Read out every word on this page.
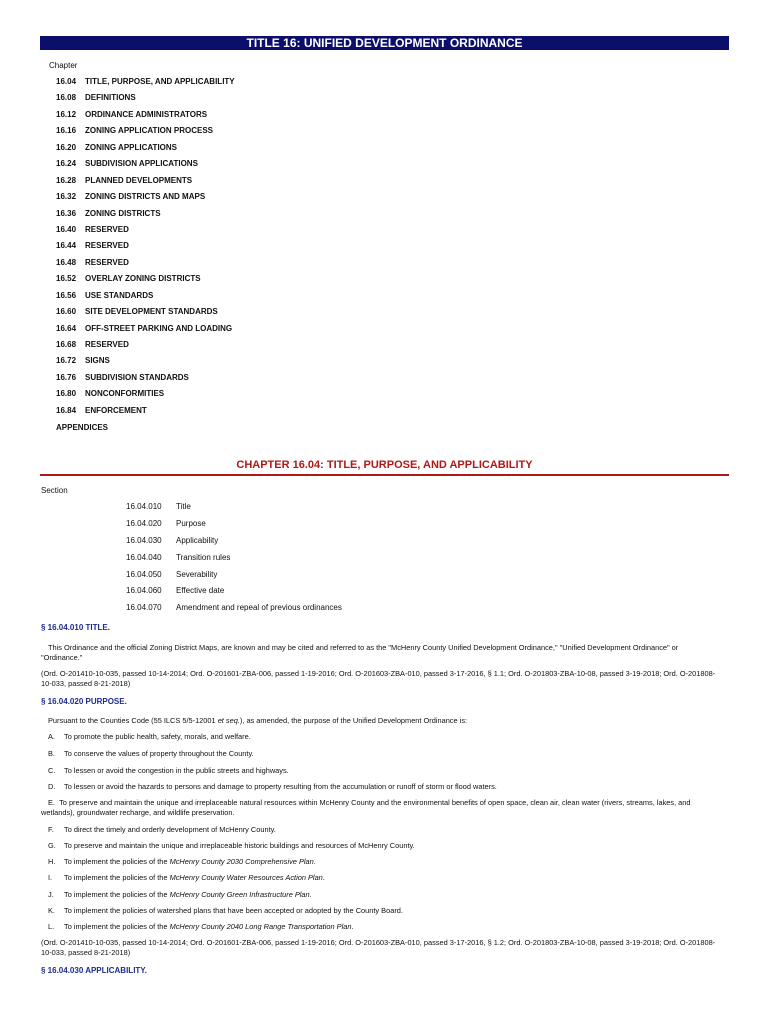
TITLE 16: UNIFIED DEVELOPMENT ORDINANCE
Chapter
16.04 TITLE, PURPOSE, AND APPLICABILITY
16.08 DEFINITIONS
16.12 ORDINANCE ADMINISTRATORS
16.16 ZONING APPLICATION PROCESS
16.20 ZONING APPLICATIONS
16.24 SUBDIVISION APPLICATIONS
16.28 PLANNED DEVELOPMENTS
16.32 ZONING DISTRICTS AND MAPS
16.36 ZONING DISTRICTS
16.40 RESERVED
16.44 RESERVED
16.48 RESERVED
16.52 OVERLAY ZONING DISTRICTS
16.56 USE STANDARDS
16.60 SITE DEVELOPMENT STANDARDS
16.64 OFF-STREET PARKING AND LOADING
16.68 RESERVED
16.72 SIGNS
16.76 SUBDIVISION STANDARDS
16.80 NONCONFORMITIES
16.84 ENFORCEMENT
APPENDICES
CHAPTER 16.04: TITLE, PURPOSE, AND APPLICABILITY
Section
16.04.010 Title
16.04.020 Purpose
16.04.030 Applicability
16.04.040 Transition rules
16.04.050 Severability
16.04.060 Effective date
16.04.070 Amendment and repeal of previous ordinances
§ 16.04.010 TITLE.
This Ordinance and the official Zoning District Maps, are known and may be cited and referred to as the "McHenry County Unified Development Ordinance," "Unified Development Ordinance" or "Ordinance."
(Ord. O-201410-10-035, passed 10-14-2014; Ord. O-201601-ZBA-006, passed 1-19-2016; Ord. O-201603-ZBA-010, passed 3-17-2016, § 1.1; Ord. O-201803-ZBA-10-08, passed 3-19-2018; Ord. O-201808-10-033, passed 8-21-2018)
§ 16.04.020 PURPOSE.
Pursuant to the Counties Code (55 ILCS 5/5-12001 et seq.), as amended, the purpose of the Unified Development Ordinance is:
A. To promote the public health, safety, morals, and welfare.
B. To conserve the values of property throughout the County.
C. To lessen or avoid the congestion in the public streets and highways.
D. To lessen or avoid the hazards to persons and damage to property resulting from the accumulation or runoff of storm or flood waters.
E. To preserve and maintain the unique and irreplaceable natural resources within McHenry County and the environmental benefits of open space, clean air, clean water (rivers, streams, lakes, and wetlands), groundwater recharge, and wildlife preservation.
F. To direct the timely and orderly development of McHenry County.
G. To preserve and maintain the unique and irreplaceable historic buildings and resources of McHenry County.
H. To implement the policies of the McHenry County 2030 Comprehensive Plan.
I. To implement the policies of the McHenry County Water Resources Action Plan.
J. To implement the policies of the McHenry County Green Infrastructure Plan.
K. To implement the policies of watershed plans that have been accepted or adopted by the County Board.
L. To implement the policies of the McHenry County 2040 Long Range Transportation Plan.
(Ord. O-201410-10-035, passed 10-14-2014; Ord. O-201601-ZBA-006, passed 1-19-2016; Ord. O-201603-ZBA-010, passed 3-17-2016, § 1.2; Ord. O-201803-ZBA-10-08, passed 3-19-2018; Ord. O-201808-10-033, passed 8-21-2018)
§ 16.04.030 APPLICABILITY.
